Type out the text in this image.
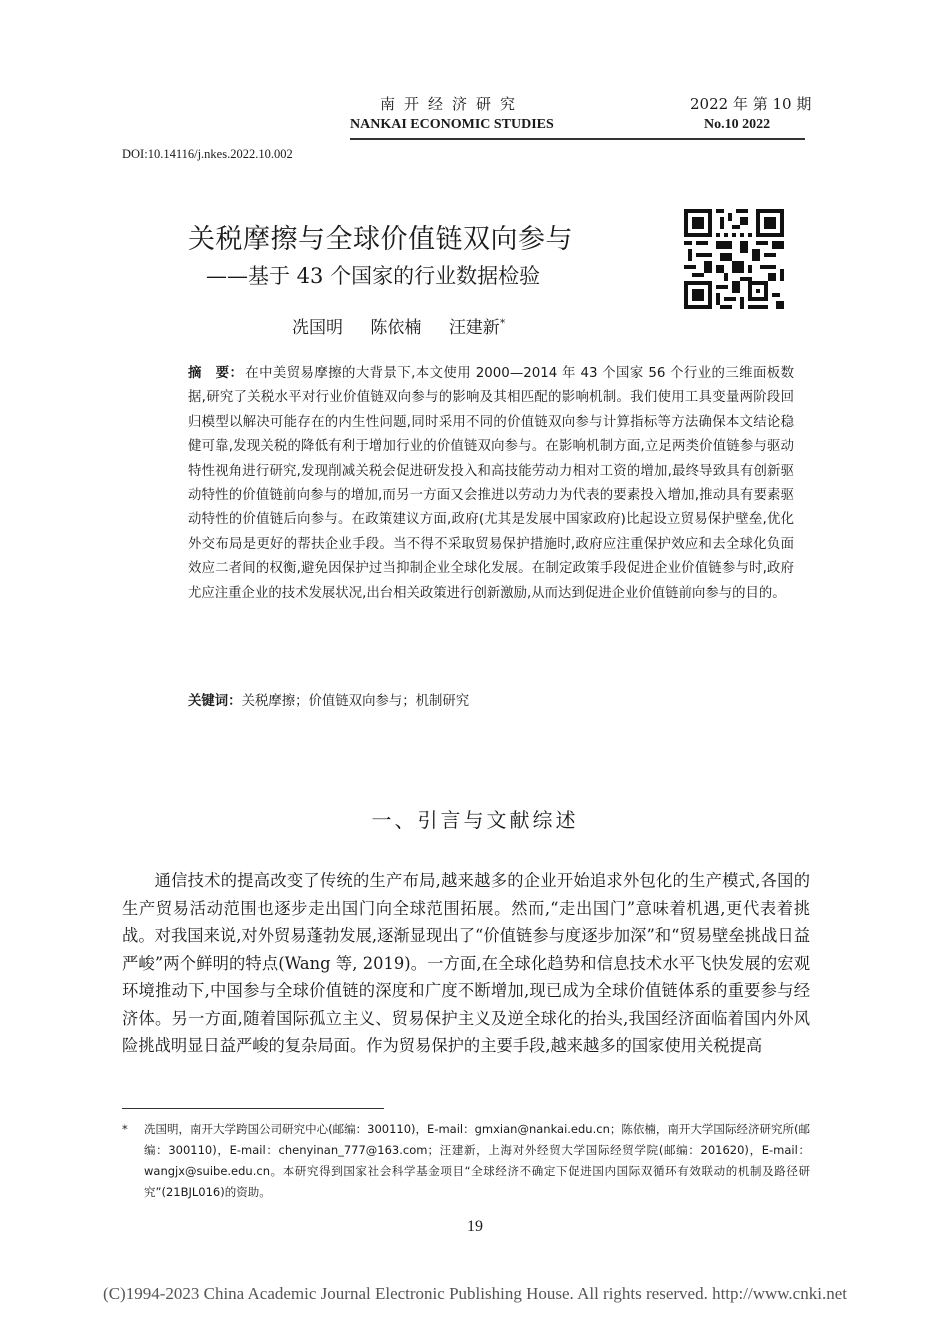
南开经济研究
NANKAI ECONOMIC STUDIES
2022 年 第 10 期
No.10 2022
DOI:10.14116/j.nkes.2022.10.002
关税摩擦与全球价值链双向参与
——基于 43 个国家的行业数据检验
冼国明 陈依楠 汪建新*
摘　要： 在中美贸易摩擦的大背景下,本文使用 2000—2014 年 43 个国家 56 个行业的三维面板数据,研究了关税水平对行业价值链双向参与的影响及其相匹配的影响机制。我们使用工具变量两阶段回归模型以解决可能存在的内生性问题,同时采用不同的价值链双向参与计算指标等方法确保本文结论稳健可靠,发现关税的降低有利于增加行业的价值链双向参与。在影响机制方面,立足两类价值链参与驱动特性视角进行研究,发现削减关税会促进研发投入和高技能劳动力相对工资的增加,最终导致具有创新驱动特性的价值链前向参与的增加,而另一方面又会推进以劳动力为代表的要素投入增加,推动具有要素驱动特性的价值链后向参与。在政策建议方面,政府(尤其是发展中国家政府)比起设立贸易保护壁垒,优化外交布局是更好的帮扶企业手段。当不得不采取贸易保护措施时,政府应注重保护效应和去全球化负面效应二者间的权衡,避免因保护过当抑制企业全球化发展。在制定政策手段促进企业价值链参与时,政府尤应注重企业的技术发展状况,出台相关政策进行创新激励,从而达到促进企业价值链前向参与的目的。
关键词：关税摩擦；价值链双向参与；机制研究
一、引言与文献综述
通信技术的提高改变了传统的生产布局,越来越多的企业开始追求外包化的生产模式,各国的生产贸易活动范围也逐步走出国门向全球范围拓展。然而,“走出国门”意味着机遇,更代表着挑战。对我国来说,对外贸易蓬勃发展,逐渐显现出了“价值链参与度逐步加深”和“贸易壁垒挑战日益严峻”两个鲜明的特点(Wang 等, 2019)。一方面,在全球化趋势和信息技术水平飞快发展的宏观环境推动下,中国参与全球价值链的深度和广度不断增加,现已成为全球价值链体系的重要参与经济体。另一方面,随着国际孤立主义、贸易保护主义及逆全球化的抬头,我国经济面临着国内外风险挑战明显日益严峻的复杂局面。作为贸易保护的主要手段,越来越多的国家使用关税提高
* 冼国明，南开大学跨国公司研究中心(邮编：300110)，E-mail：gmxian@nankai.edu.cn；陈依楠，南开大学国际经济研究所(邮编：300110)，E-mail：chenyinan_777@163.com；汪建新，上海对外经贸大学国际经贸学院(邮编：201620)，E-mail：wangjx@suibe.edu.cn。本研究得到国家社会科学基金项目“全球经济不确定下促进国内国际双循环有效联动的机制及路径研究”(21BJL016)的资助。
19
(C)1994-2023 China Academic Journal Electronic Publishing House. All rights reserved. http://www.cnki.net
